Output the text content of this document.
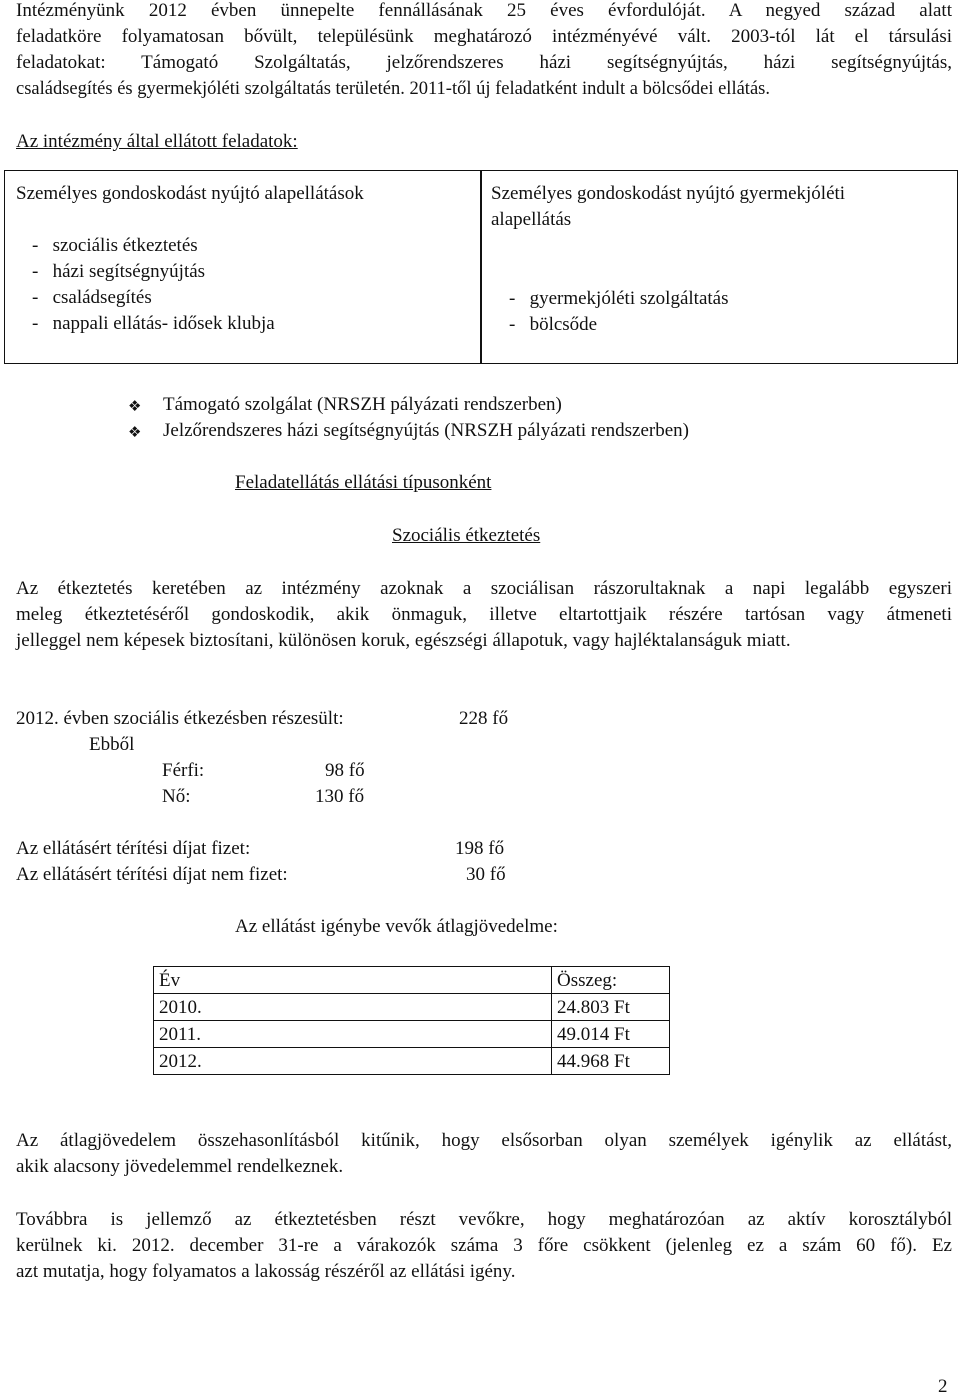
Intézményünk 2012 évben ünnepelte fennállásának 25 éves évfordulóját. A negyed század alatt
feladatköre folyamatosan bővült, településünk meghatározó intézményévé vált. 2003-tól lát el társulási
feladatokat: Támogató Szolgáltatás, jelzőrendszeres házi segítségnyújtás, házi segítségnyújtás,
családsegítés és gyermekjóléti szolgáltatás területén. 2011-től új feladatként indult a bölcsődei ellátás.
Az intézmény által ellátott feladatok:
Személyes gondoskodást nyújtó alapellátások
-   szociális étkeztetés
-   házi segítségnyújtás
-   családsegítés
-   nappali ellátás- idősek klubja
Személyes gondoskodást nyújtó gyermekjóléti
alapellátás
-   gyermekjóléti szolgáltatás
-   bölcsőde
❖ Támogató szolgálat (NRSZH pályázati rendszerben)
❖ Jelzőrendszeres házi segítségnyújtás (NRSZH pályázati rendszerben)
Feladatellátás ellátási típusonként
Szociális étkeztetés
Az étkeztetés keretében az intézmény azoknak a szociálisan rászorultaknak a napi legalább egyszeri
meleg étkeztetéséről gondoskodik, akik önmaguk, illetve eltartottjaik részére tartósan vagy átmeneti
jelleggel nem képesek biztosítani, különösen koruk, egészségi állapotuk, vagy hajléktalanságuk miatt.
2012. évben szociális étkezésben részesült:	228 fő
Ebből
Férfi:	98 fő
Nő:	130 fő
Az ellátásért térítési díjat fizet:	198 fő
Az ellátásért térítési díjat nem fizet:	30 fő
Az ellátást igénybe vevők átlagjövedelme:
Év	Összeg:
2010.	24.803 Ft
2011.	49.014 Ft
2012.	44.968 Ft
Az átlagjövedelem összehasonlításból kitűnik, hogy elsősorban olyan személyek igénylik az ellátást,
akik alacsony jövedelemmel rendelkeznek.
Továbbra is jellemző az étkeztetésben részt vevőkre, hogy meghatározóan az aktív korosztályból
kerülnek ki. 2012. december 31-re a várakozók száma 3 főre csökkent (jelenleg ez a szám 60 fő). Ez
azt mutatja, hogy folyamatos a lakosság részéről az ellátási igény.
2
